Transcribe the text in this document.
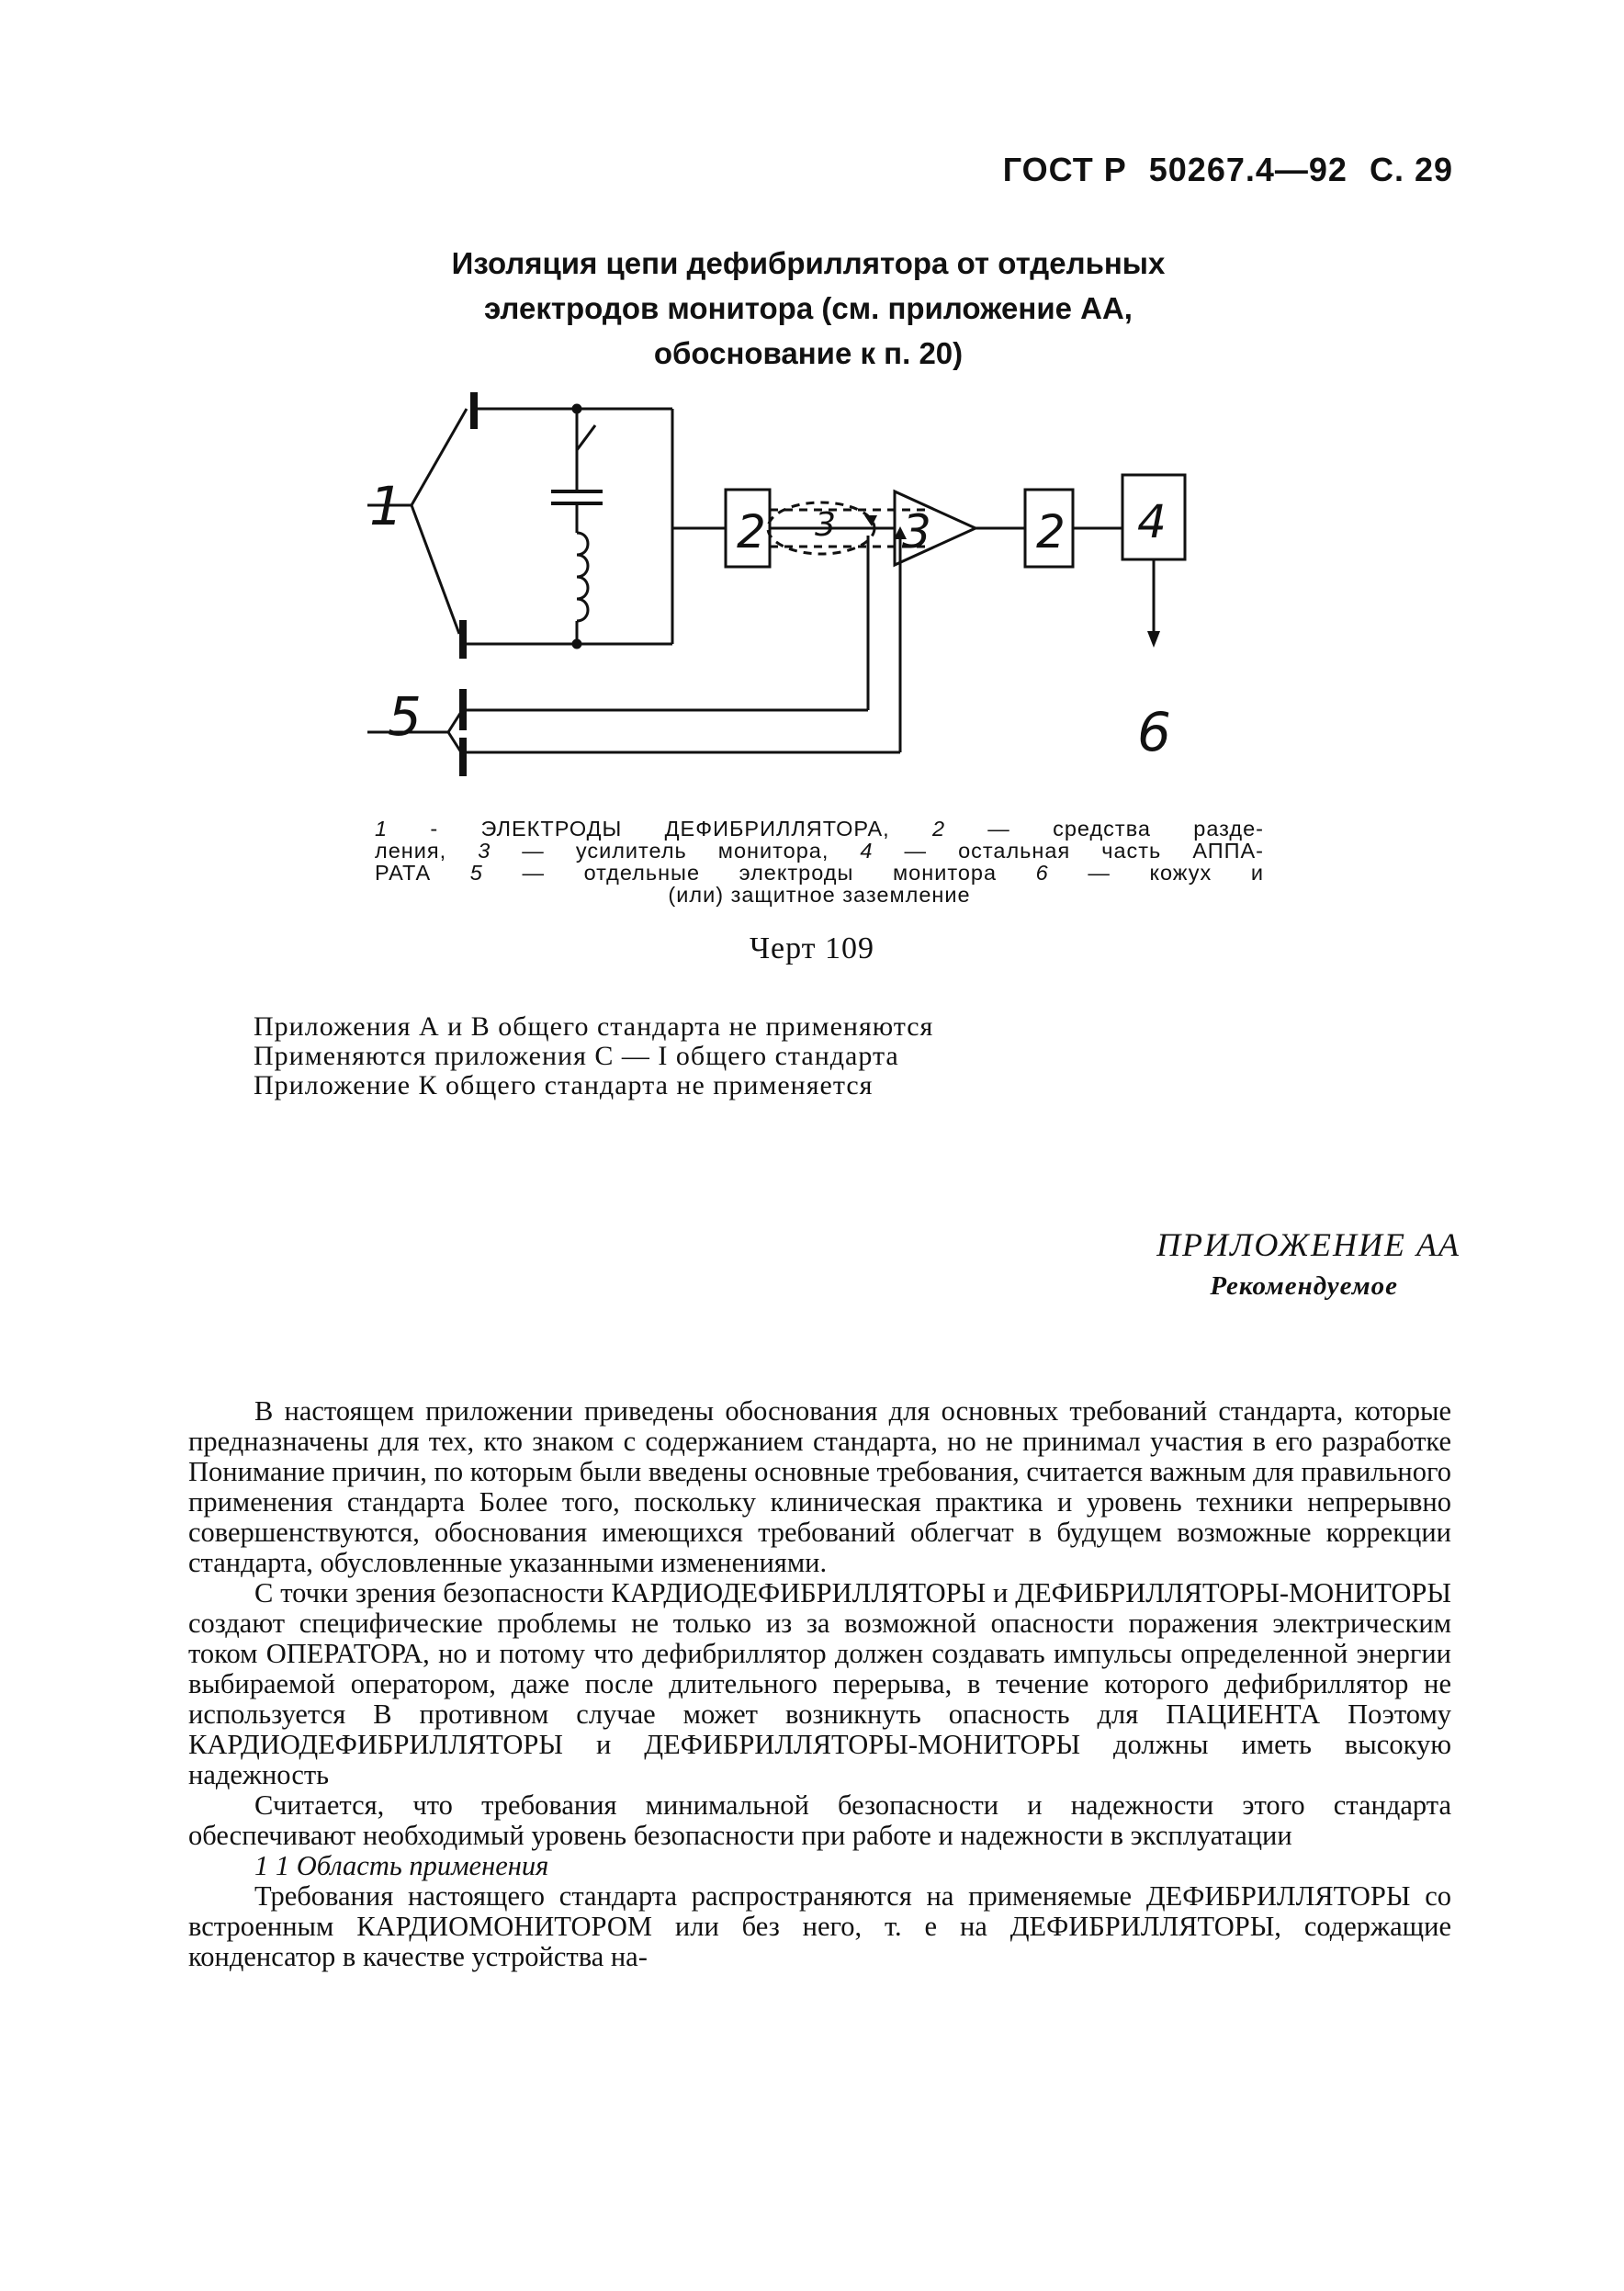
ГОСТ Р 50267.4—92 С. 29
Изоляция цепи дефибриллятора от отдельных
электродов монитора (см. приложение АА,
обоснование к п. 20)
1	2 3 3 2 4
5	6

1 - ЭЛЕКТРОДЫ ДЕФИБРИЛЛЯТОРА, 2 — средства разде-

ления, 3 — усилитель монитора, 4 — остальная часть АППА-

РАТА 5 — отдельные электроды монитора 6 — кожух и

(или) защитное заземление

Черт 109
Приложения А и В общего стандарта не применяются
Применяются приложения С — I общего стандарта
Приложение К общего стандарта не применяется
ПРИЛОЖЕНИЕ АА
Рекомендуемое

В настоящем приложении приведены обоснования для основных требований стандарта, которые предназначены для тех, кто знаком с содержанием стандарта, но не принимал участия в его разработке Понимание причин, по которым были введены основные требования, считается важным для правильного применения стандарта Более того, поскольку клиническая практика и уровень техники непрерывно совершенствуются, обоснования имеющихся требований облегчат в будущем возможные коррекции стандарта, обусловленные указанными изменениями.

С точки зрения безопасности КАРДИОДЕФИБРИЛЛЯТОРЫ и ДЕФИБРИЛЛЯТОРЫ-МОНИТОРЫ создают специфические проблемы не только из за возможной опасности поражения электрическим током ОПЕРАТОРА, но и потому что дефибриллятор должен создавать импульсы определенной энергии выбираемой оператором, даже после длительного перерыва, в течение которого дефибриллятор не используется В противном случае может возникнуть опасность для ПАЦИЕНТА Поэтому КАРДИОДЕФИБРИЛЛЯТОРЫ и ДЕФИБРИЛЛЯТОРЫ-МОНИТОРЫ должны иметь высокую надежность

Считается, что требования минимальной безопасности и надежности этого стандарта обеспечивают необходимый уровень безопасности при работе и надежности в эксплуатации

1 1 Область применения

Требования настоящего стандарта распространяются на применяемые ДЕФИБРИЛЛЯТОРЫ со встроенным КАРДИОМОНИТОРОМ или без него, т. е на ДЕФИБРИЛЛЯТОРЫ, содержащие конденсатор в качестве устройства на-
